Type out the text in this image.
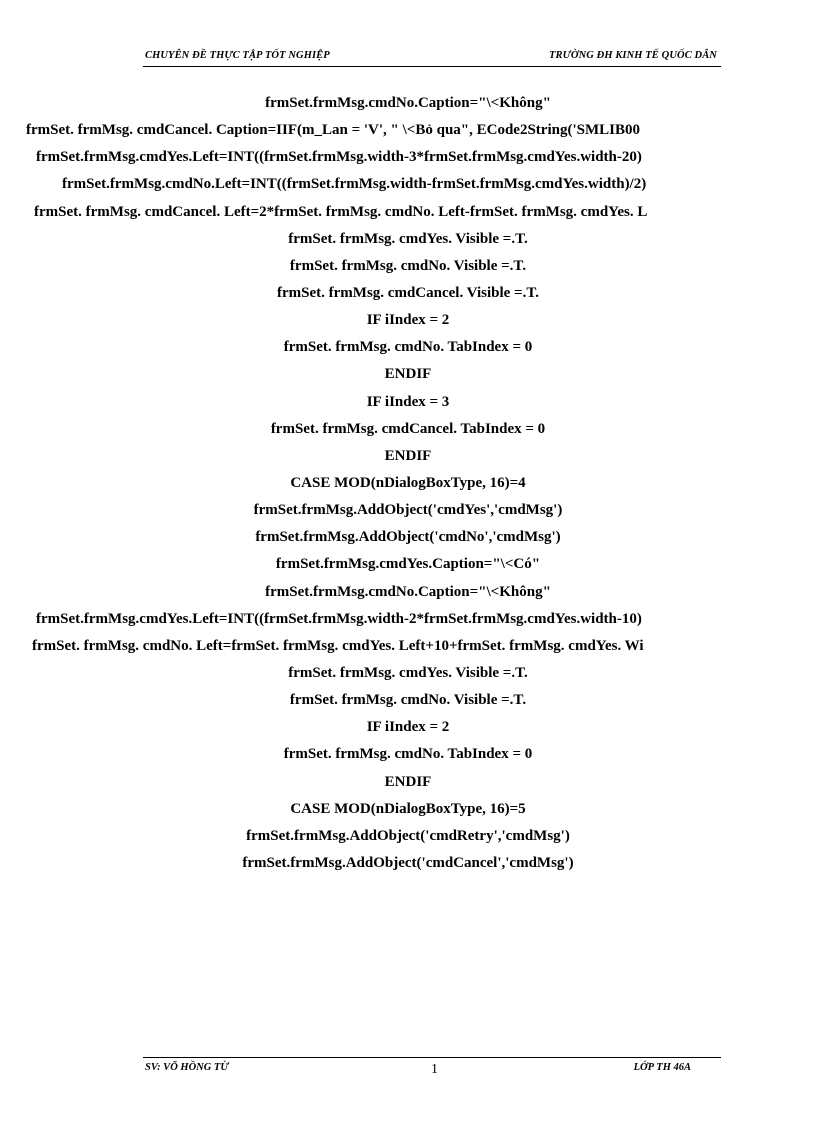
CHUYÊN ĐỀ THỰC TẬP TỐT NGHIỆP	TRƯỜNG ĐH KINH TẾ QUỐC DÂN
frmSet.frmMsg.cmdNo.Caption="\<Không"
frmSet. frmMsg. cmdCancel. Caption=IIF(m_Lan = 'V', " \<Bỏ qua", ECode2String('SMLIB00
frmSet.frmMsg.cmdYes.Left=INT((frmSet.frmMsg.width-3*frmSet.frmMsg.cmdYes.width-20)
frmSet.frmMsg.cmdNo.Left=INT((frmSet.frmMsg.width-frmSet.frmMsg.cmdYes.width)/2)
frmSet. frmMsg. cmdCancel. Left=2*frmSet. frmMsg. cmdNo. Left-frmSet. frmMsg. cmdYes. L
frmSet. frmMsg. cmdYes. Visible =.T.
frmSet. frmMsg. cmdNo. Visible =.T.
frmSet. frmMsg. cmdCancel. Visible =.T.
IF iIndex = 2
frmSet. frmMsg. cmdNo. TabIndex = 0
ENDIF
IF iIndex = 3
frmSet. frmMsg. cmdCancel. TabIndex = 0
ENDIF
CASE MOD(nDialogBoxType, 16)=4
frmSet.frmMsg.AddObject('cmdYes','cmdMsg')
frmSet.frmMsg.AddObject('cmdNo','cmdMsg')
frmSet.frmMsg.cmdYes.Caption="\<Có"
frmSet.frmMsg.cmdNo.Caption="\<Không"
frmSet.frmMsg.cmdYes.Left=INT((frmSet.frmMsg.width-2*frmSet.frmMsg.cmdYes.width-10)
frmSet. frmMsg. cmdNo. Left=frmSet. frmMsg. cmdYes. Left+10+frmSet. frmMsg. cmdYes. Wi
frmSet. frmMsg. cmdYes. Visible =.T.
frmSet. frmMsg. cmdNo. Visible =.T.
IF iIndex = 2
frmSet. frmMsg. cmdNo. TabIndex = 0
ENDIF
CASE MOD(nDialogBoxType, 16)=5
frmSet.frmMsg.AddObject('cmdRetry','cmdMsg')
frmSet.frmMsg.AddObject('cmdCancel','cmdMsg')
SV: VÕ HỒNG TỪ	1	LỚP TH 46A
